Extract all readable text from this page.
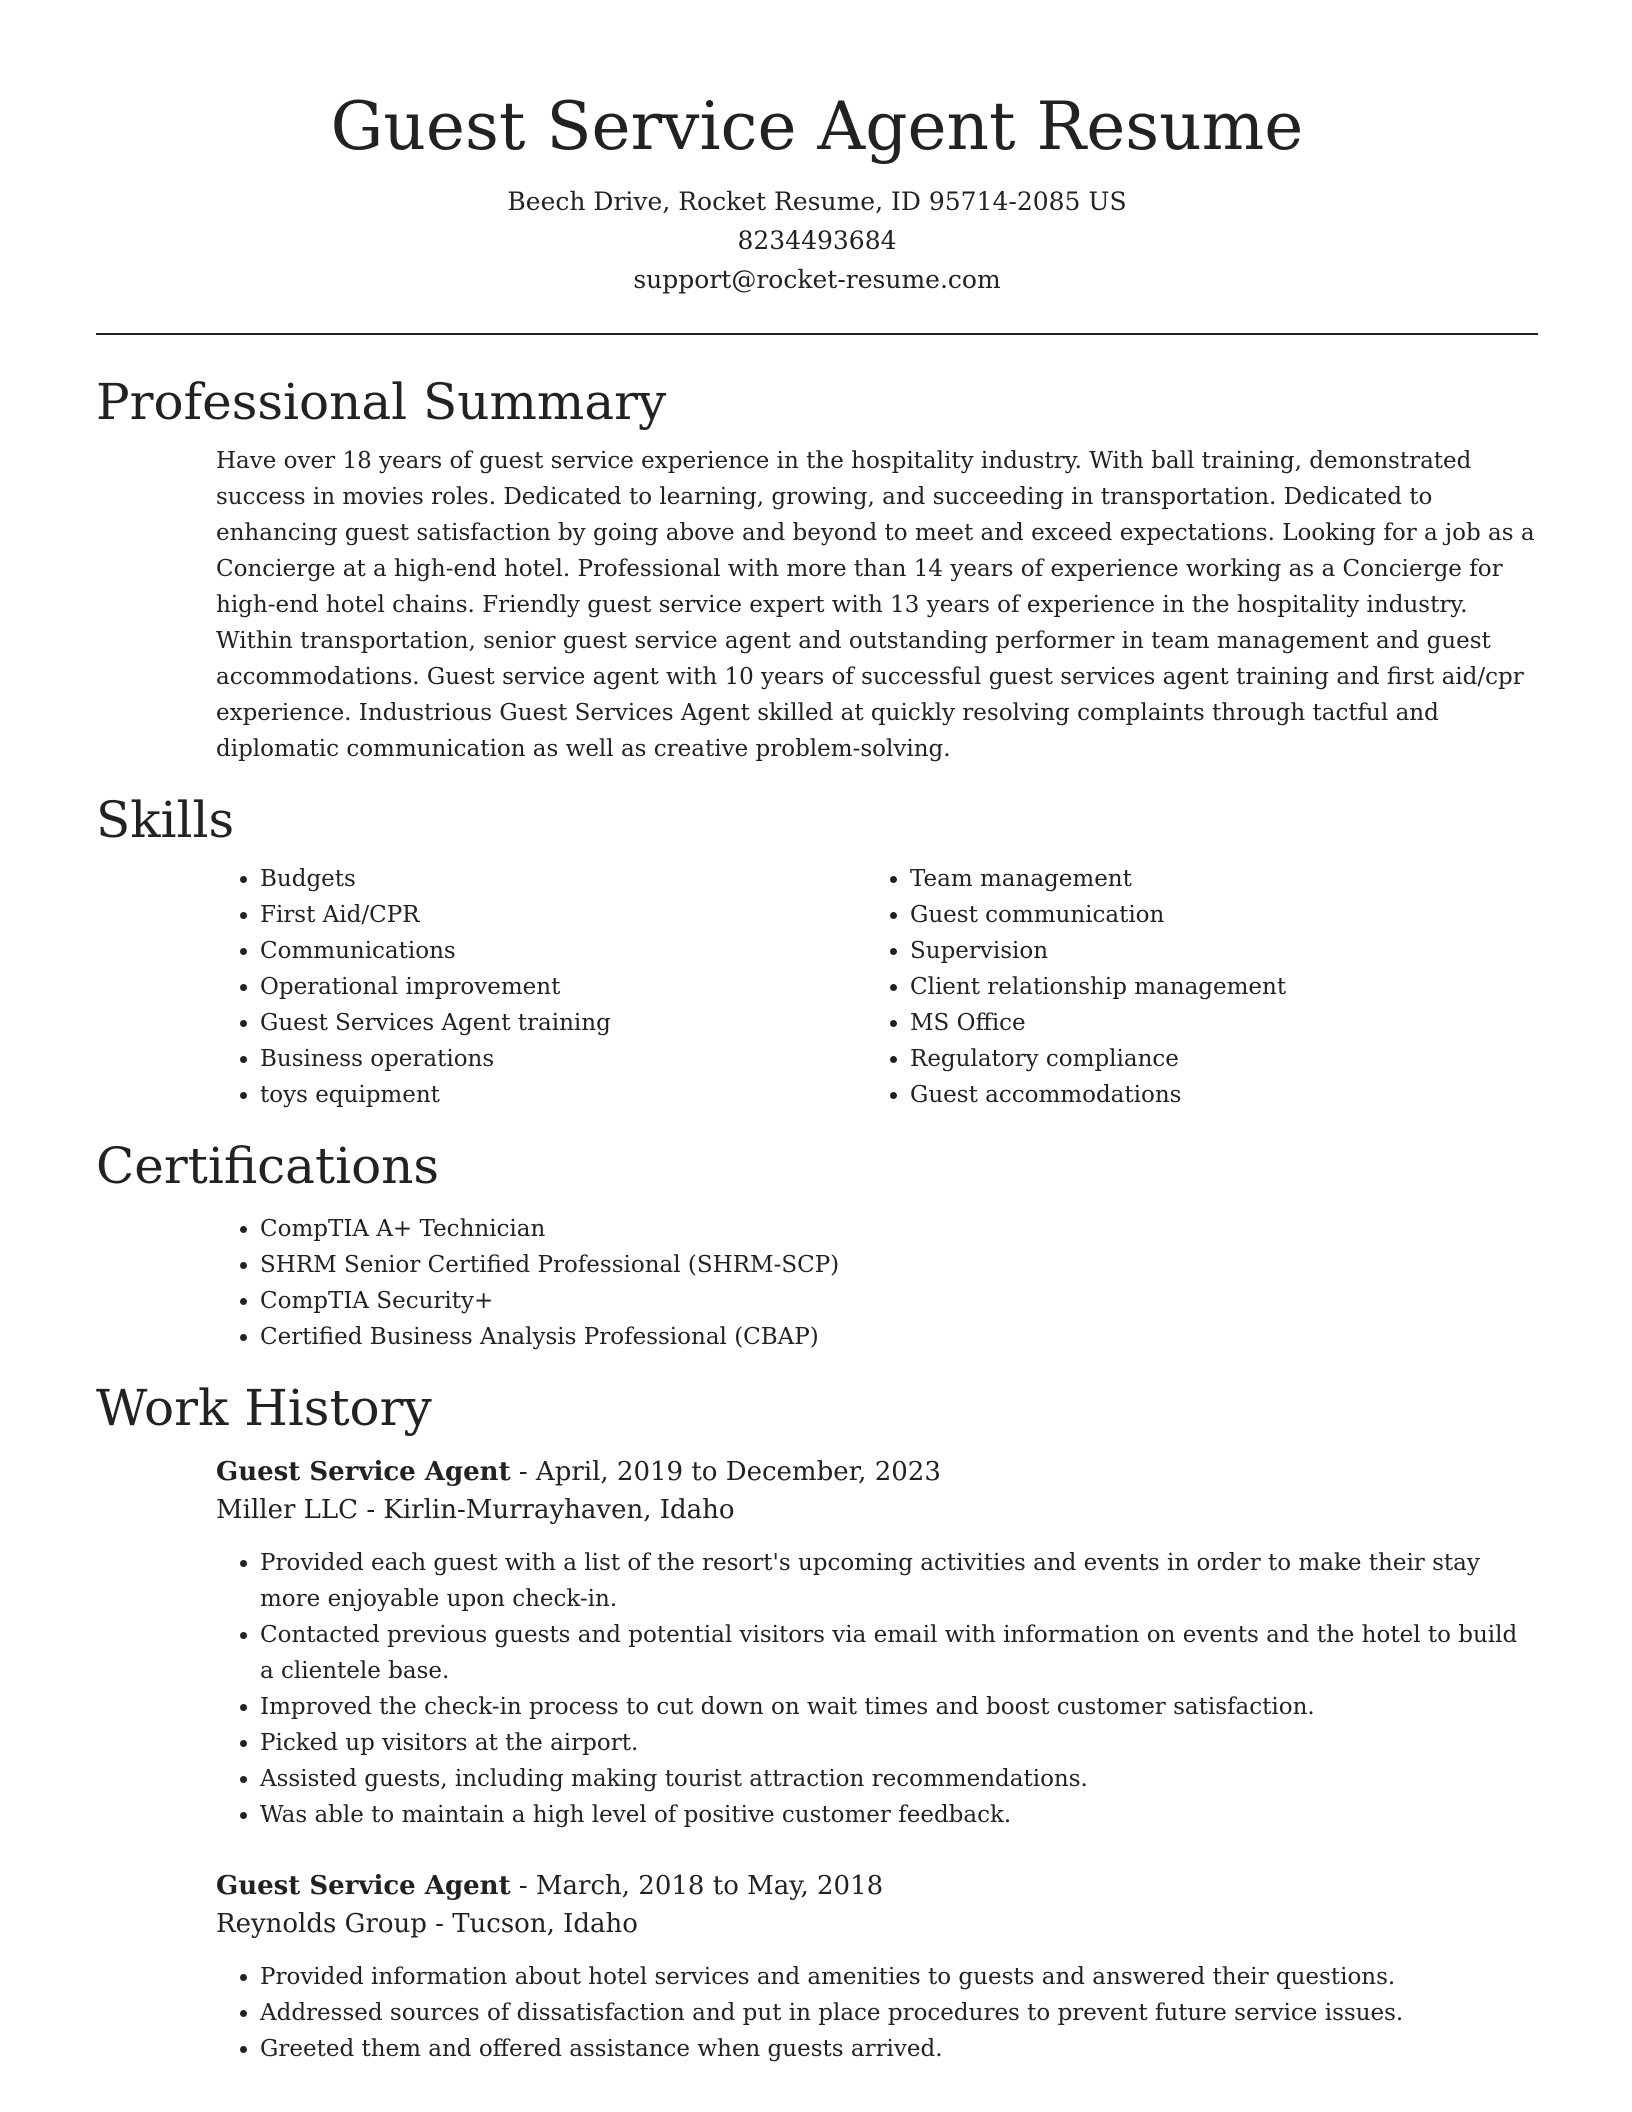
Guest Service Agent Resume
Beech Drive, Rocket Resume, ID 95714-2085 US
8234493684
support@rocket-resume.com
Professional Summary

Have over 18 years of guest service experience in the hospitality industry. With ball training, demonstrated success in movies roles. Dedicated to learning, growing, and succeeding in transportation. Dedicated to enhancing guest satisfaction by going above and beyond to meet and exceed expectations. Looking for a job as a Concierge at a high-end hotel. Professional with more than 14 years of experience working as a Concierge for high-end hotel chains. Friendly guest service expert with 13 years of experience in the hospitality industry. Within transportation, senior guest service agent and outstanding performer in team management and guest accommodations. Guest service agent with 10 years of successful guest services agent training and first aid/cpr experience. Industrious Guest Services Agent skilled at quickly resolving complaints through tactful and diplomatic communication as well as creative problem-solving.

Skills
• Budgets
• First Aid/CPR
• Communications
• Operational improvement
• Guest Services Agent training
• Business operations
• toys equipment
• Team management
• Guest communication
• Supervision
• Client relationship management
• MS Office
• Regulatory compliance
• Guest accommodations
Certifications
• CompTIA A+ Technician
• SHRM Senior Certified Professional (SHRM-SCP)
• CompTIA Security+
• Certified Business Analysis Professional (CBAP)
Work History
Guest Service Agent - April, 2019 to December, 2023
Miller LLC - Kirlin-Murrayhaven, Idaho
• Provided each guest with a list of the resort's upcoming activities and events in order to make their stay more enjoyable upon check-in.
• Contacted previous guests and potential visitors via email with information on events and the hotel to build a clientele base.
• Improved the check-in process to cut down on wait times and boost customer satisfaction.
• Picked up visitors at the airport.
• Assisted guests, including making tourist attraction recommendations.
• Was able to maintain a high level of positive customer feedback.
Guest Service Agent - March, 2018 to May, 2018
Reynolds Group - Tucson, Idaho
• Provided information about hotel services and amenities to guests and answered their questions.
• Addressed sources of dissatisfaction and put in place procedures to prevent future service issues.
• Greeted them and offered assistance when guests arrived.
